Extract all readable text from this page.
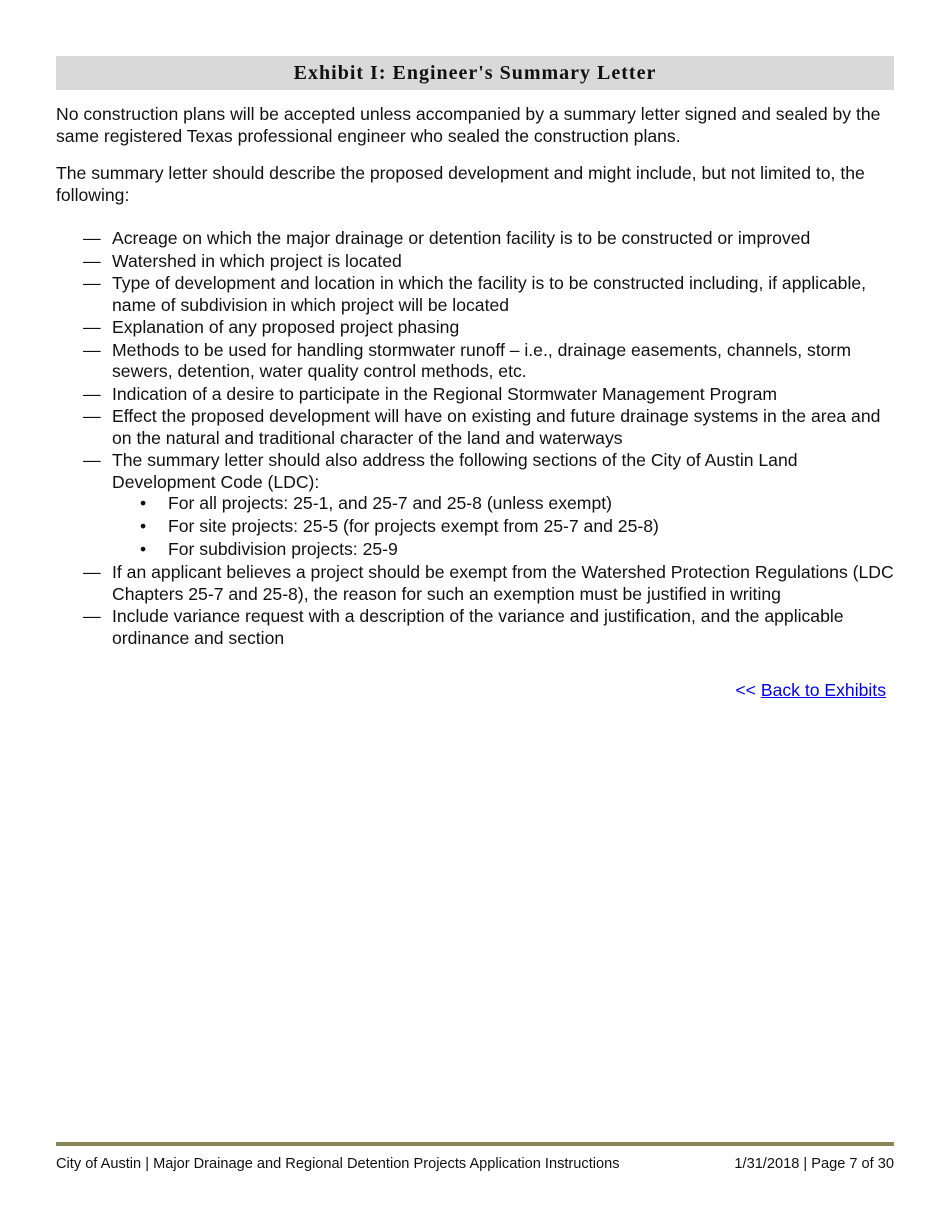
Exhibit I: Engineer's Summary Letter

No construction plans will be accepted unless accompanied by a summary letter signed and sealed by the same registered Texas professional engineer who sealed the construction plans.

The summary letter should describe the proposed development and might include, but not limited to, the following:

— Acreage on which the major drainage or detention facility is to be constructed or improved
— Watershed in which project is located
— Type of development and location in which the facility is to be constructed including, if applicable, name of subdivision in which project will be located
— Explanation of any proposed project phasing
— Methods to be used for handling stormwater runoff – i.e., drainage easements, channels, storm sewers, detention, water quality control methods, etc.
— Indication of a desire to participate in the Regional Stormwater Management Program
— Effect the proposed development will have on existing and future drainage systems in the area and on the natural and traditional character of the land and waterways
— The summary letter should also address the following sections of the City of Austin Land Development Code (LDC):
• For all projects: 25-1, and 25-7 and 25-8 (unless exempt)
• For site projects: 25-5 (for projects exempt from 25-7 and 25-8)
• For subdivision projects: 25-9
— If an applicant believes a project should be exempt from the Watershed Protection Regulations (LDC Chapters 25-7 and 25-8), the reason for such an exemption must be justified in writing
— Include variance request with a description of the variance and justification, and the applicable ordinance and section
<< Back to Exhibits
City of Austin | Major Drainage and Regional Detention Projects Application Instructions	1/31/2018 | Page 7 of 30
